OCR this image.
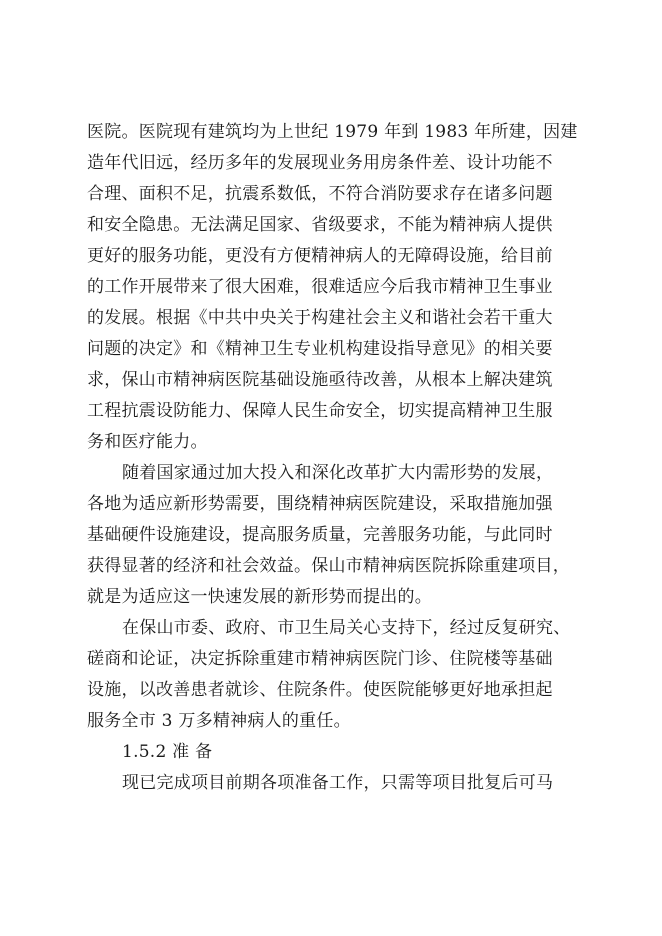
医院。医院现有建筑均为上世纪 1979 年到 1983 年所建，因建
造年代旧远，经历多年的发展现业务用房条件差、设计功能不
合理、面积不足，抗震系数低，不符合消防要求存在诸多问题
和安全隐患。无法满足国家、省级要求，不能为精神病人提供
更好的服务功能，更没有方便精神病人的无障碍设施，给目前
的工作开展带来了很大困难，很难适应今后我市精神卫生事业
的发展。根据《中共中央关于构建社会主义和谐社会若干重大
问题的决定》和《精神卫生专业机构建设指导意见》的相关要
求，保山市精神病医院基础设施亟待改善，从根本上解决建筑
工程抗震设防能力、保障人民生命安全，切实提高精神卫生服
务和医疗能力。
随着国家通过加大投入和深化改革扩大内需形势的发展，
各地为适应新形势需要，围绕精神病医院建设，采取措施加强
基础硬件设施建设，提高服务质量，完善服务功能，与此同时
获得显著的经济和社会效益。保山市精神病医院拆除重建项目，
就是为适应这一快速发展的新形势而提出的。
在保山市委、政府、市卫生局关心支持下，经过反复研究、
磋商和论证，决定拆除重建市精神病医院门诊、住院楼等基础
设施，以改善患者就诊、住院条件。使医院能够更好地承担起
服务全市 3 万多精神病人的重任。
1.5.2 准 备
现已完成项目前期各项准备工作，只需等项目批复后可马
